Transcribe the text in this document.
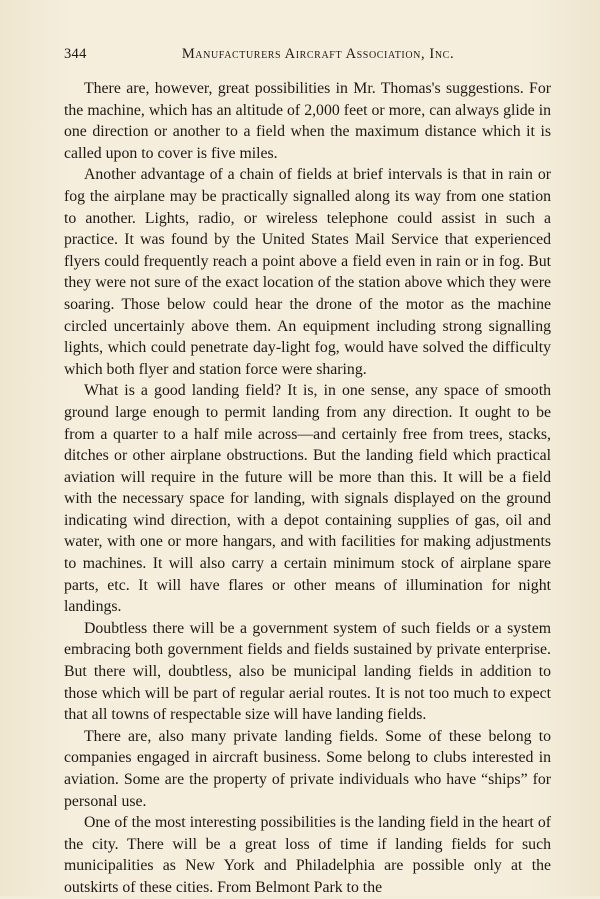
344	Manufacturers Aircraft Association, Inc.

There are, however, great possibilities in Mr. Thomas's suggestions. For the machine, which has an altitude of 2,000 feet or more, can always glide in one direction or another to a field when the maximum distance which it is called upon to cover is five miles.

Another advantage of a chain of fields at brief intervals is that in rain or fog the airplane may be practically signalled along its way from one station to another. Lights, radio, or wireless telephone could assist in such a practice. It was found by the United States Mail Service that experienced flyers could frequently reach a point above a field even in rain or in fog. But they were not sure of the exact location of the station above which they were soaring. Those below could hear the drone of the motor as the machine circled uncertainly above them. An equipment including strong signalling lights, which could penetrate day-light fog, would have solved the difficulty which both flyer and station force were sharing.

What is a good landing field? It is, in one sense, any space of smooth ground large enough to permit landing from any direction. It ought to be from a quarter to a half mile across—and certainly free from trees, stacks, ditches or other airplane obstructions. But the landing field which practical aviation will require in the future will be more than this. It will be a field with the necessary space for landing, with signals displayed on the ground indicating wind direction, with a depot containing supplies of gas, oil and water, with one or more hangars, and with facilities for making adjustments to machines. It will also carry a certain minimum stock of airplane spare parts, etc. It will have flares or other means of illumination for night landings.

Doubtless there will be a government system of such fields or a system embracing both government fields and fields sustained by private enterprise. But there will, doubtless, also be municipal landing fields in addition to those which will be part of regular aerial routes. It is not too much to expect that all towns of respectable size will have landing fields.

There are, also many private landing fields. Some of these belong to companies engaged in aircraft business. Some belong to clubs interested in aviation. Some are the property of private individuals who have “ships” for personal use.

One of the most interesting possibilities is the landing field in the heart of the city. There will be a great loss of time if landing fields for such municipalities as New York and Philadelphia are possible only at the outskirts of these cities. From Belmont Park to the
